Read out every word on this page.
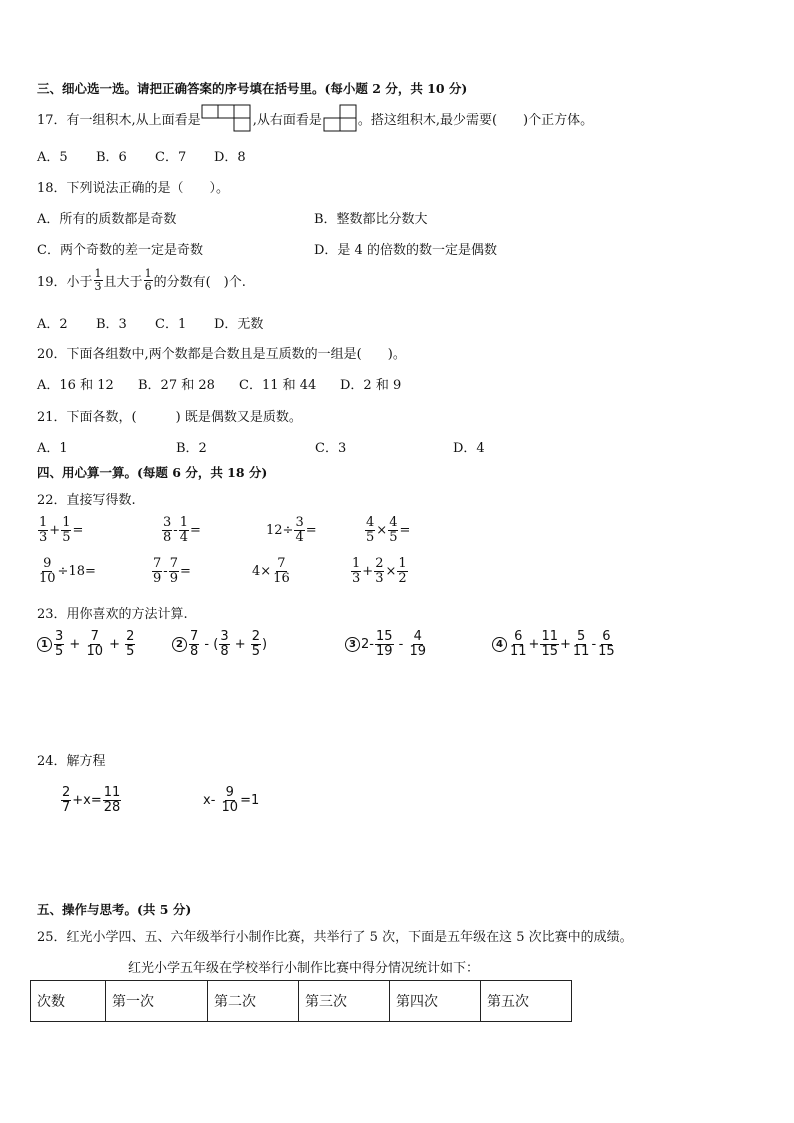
三、细心选一选。请把正确答案的序号填在括号里。(每小题 2 分，共 10 分)
17．有一组积木,从上面看是	,从右面看是	。搭这组积木,最少需要(　　)个正方体。
A．5 B．6 C．7 D．8
18．下列说法正确的是（　　）。
A．所有的质数都是奇数	B．整数都比分数大
C．两个奇数的差一定是奇数	D．是 4 的倍数的数一定是偶数
19．小于 $\frac{1}{3}$ 且大于 $\frac{1}{6}$ 的分数有(　)个.
A．2 B．3 C．1 D．无数
20．下面各组数中,两个数都是合数且是互质数的一组是(　　)。
A．16 和 12 B．27 和 28 C．11 和 44 D．2 和 9
21．下面各数，(　　　) 既是偶数又是质数。
A．1	B．2	C．3	D．4
四、用心算一算。(每题 6 分，共 18 分)
22．直接写得数.
$\frac{1}{3} + \frac{1}{5}$ =	$\frac{3}{8} - \frac{1}{4}$ =	$12\div \frac{3}{4}$ =	$\frac{4}{5} \times \frac{4}{5}$ =
$\frac{9}{10} \div 18=$	$\frac{7}{9} - \frac{7}{9}$ =	$4\times \frac{7}{16}$	$\frac{1}{3} + \frac{2}{3} \times \frac{1}{2}$
23．用你喜欢的方法计算.
$1 \frac{3}{5} + \frac{7}{10} + \frac{2}{5}$	$2 \frac{7}{8}$ - ( $\frac{3}{8} + \frac{2}{5}$ )	3 $2- \frac{15}{19} - \frac{4}{19}$	$4 \frac{6}{11} + \frac{11}{15} + \frac{5}{11} - \frac{6}{15}$
24．解方程
$\frac{2}{7} +x= \frac{11}{28}$	x-
$\frac{9}{10} =1$
五、操作与思考。(共 5 分)
25．红光小学四、五、六年级举行小制作比赛，共举行了 5 次，下面是五年级在这 5 次比赛中的成绩。
红光小学五年级在学校举行小制作比赛中得分情况统计如下：
次数	第一次	第二次	第三次	第四次	第五次
